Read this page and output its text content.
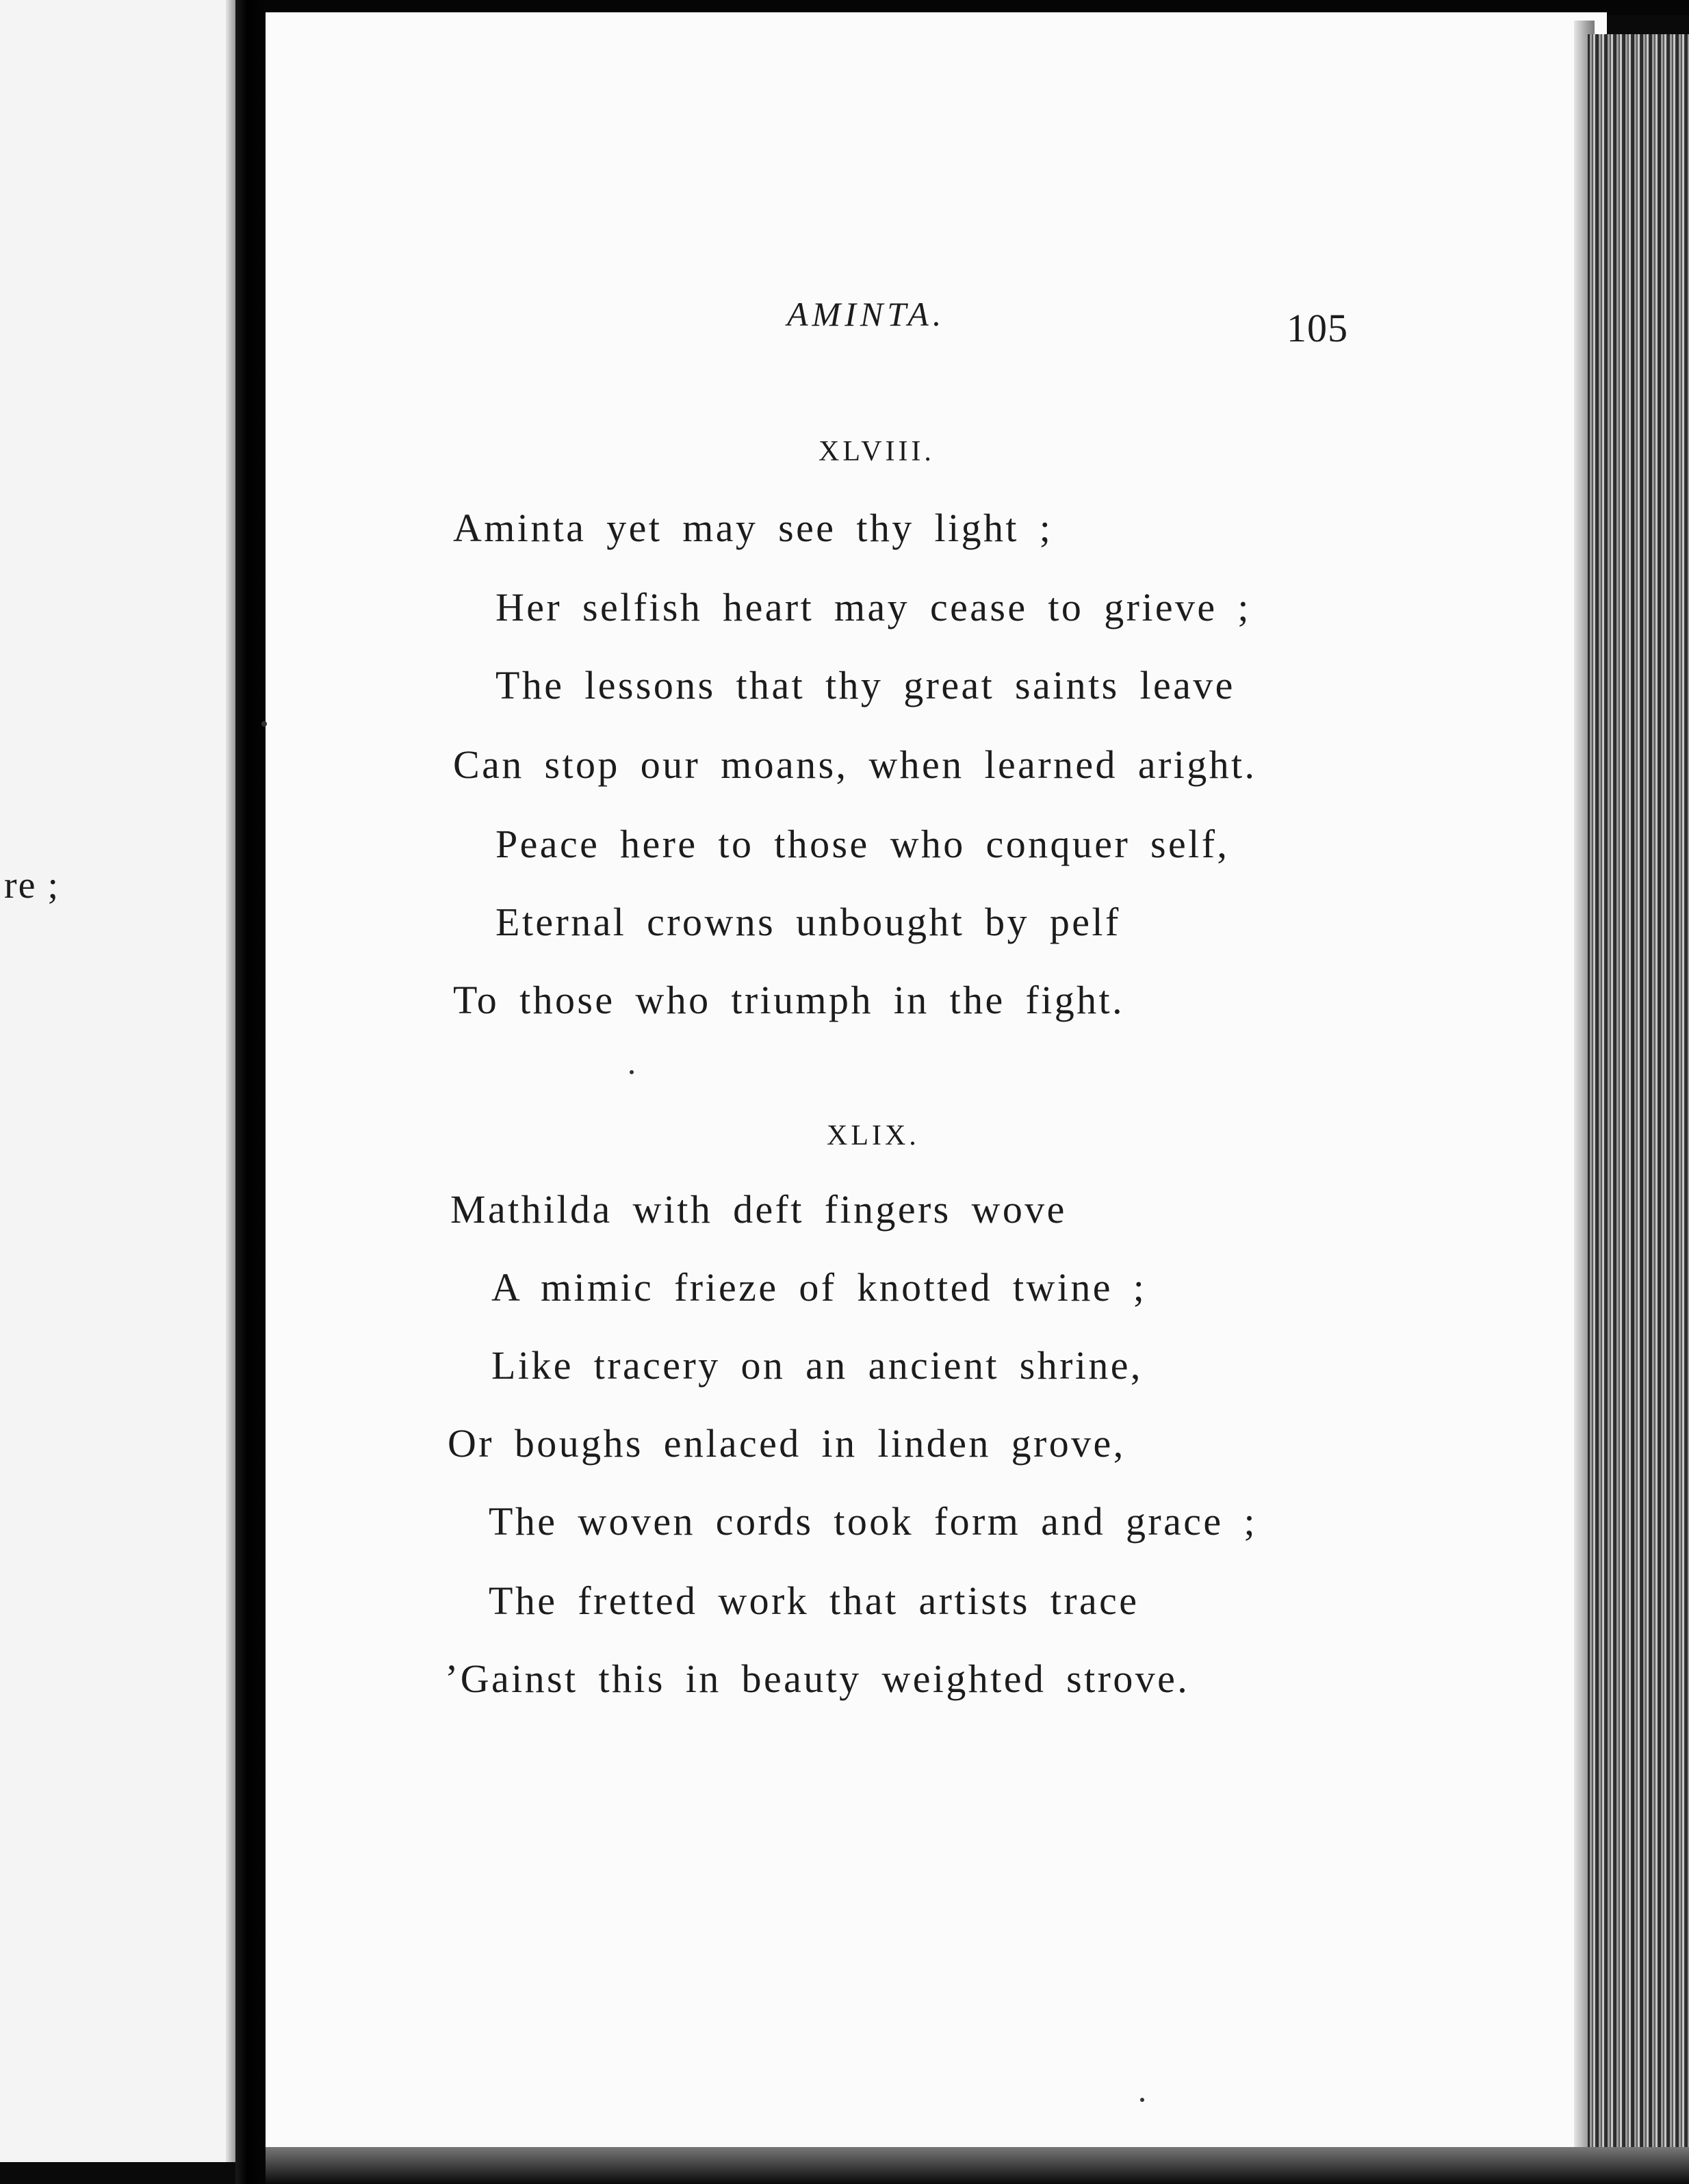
re ;
AMINTA.	105
XLVIII.
Aminta yet may see thy light ;
Her selfish heart may cease to grieve ;
The lessons that thy great saints leave
Can stop our moans, when learned aright.
Peace here to those who conquer self,
Eternal crowns unbought by pelf
To those who triumph in the fight.
XLIX.
Mathilda with deft fingers wove
A mimic frieze of knotted twine ;
Like tracery on an ancient shrine,
Or boughs enlaced in linden grove,
The woven cords took form and grace ;
The fretted work that artists trace
’Gainst this in beauty weighted strove.
